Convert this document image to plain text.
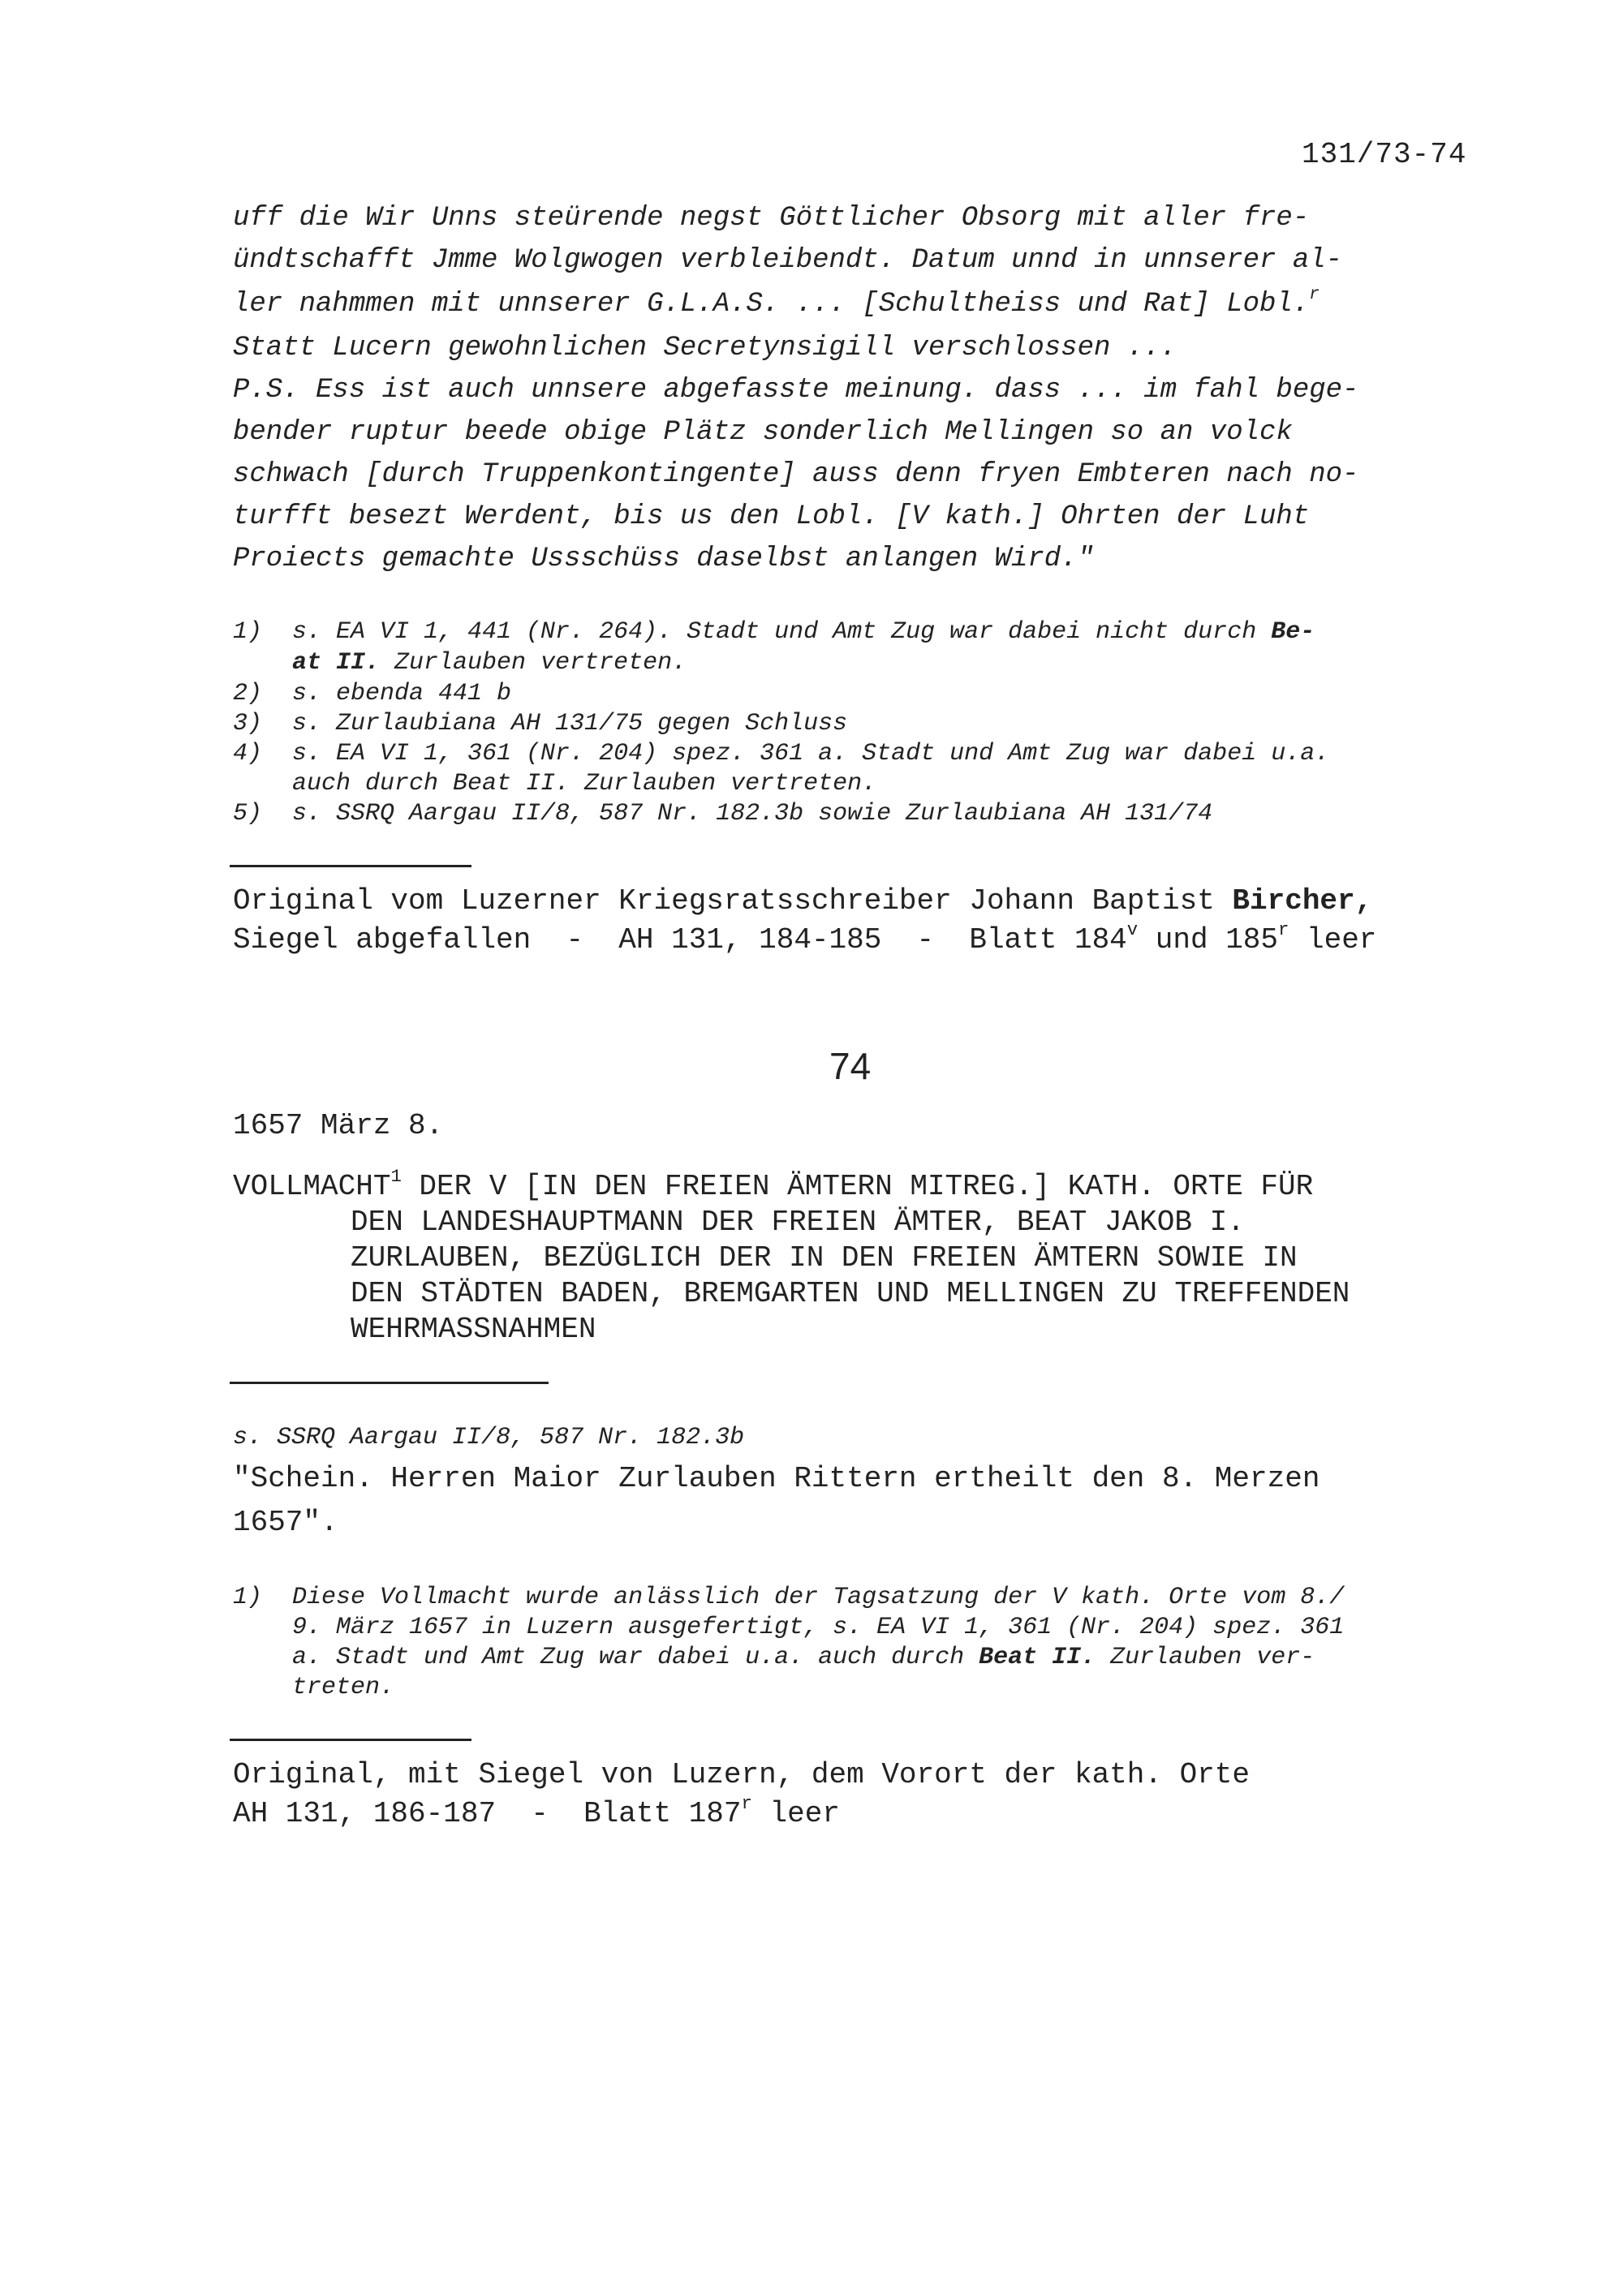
131/73-74
uff die Wir Unns steürende negst Göttlicher Obsorg mit aller fre-
ündtschafft Jmme Wolgwogen verbleibendt. Datum unnd in unnserer al-
ler nahmmen mit unnserer G.L.A.S. ... [Schultheiss und Rat] Lobl.$^r$
Statt Lucern gewohnlichen Secretynsigill verschlossen ...
P.S. Ess ist auch unnsere abgefasste meinung. dass ... im fahl bege-
bender ruptur beede obige Plätz sonderlich Mellingen so an volck
schwach [durch Truppenkontingente] auss denn fryen Embteren nach no-
turfft besezt Werdent, bis us den Lobl. [V kath.] Ohrten der Luht
Proiects gemachte Ussschüss daselbst anlangen Wird."
1) s. EA VI 1, 441 (Nr. 264). Stadt und Amt Zug war dabei nicht durch Be-
at II. Zurlauben vertreten.
2) s. ebenda 441 b
3) s. Zurlaubiana AH 131/75 gegen Schluss
4) s. EA VI 1, 361 (Nr. 204) spez. 361 a. Stadt und Amt Zug war dabei u.a.
auch durch Beat II. Zurlauben vertreten.
5) s. SSRQ Aargau II/8, 587 Nr. 182.3b sowie Zurlaubiana AH 131/74
Original vom Luzerner Kriegsratsschreiber Johann Baptist Bircher,
Siegel abgefallen  -  AH 131, 184-185  -  Blatt 184$^v$ und 185$^r$ leer
74
1657 März 8.
VOLLMACHT$^1$ DER V [IN DEN FREIEN ÄMTERN MITREG.] KATH. ORTE FÜR
DEN LANDESHAUPTMANN DER FREIEN ÄMTER, BEAT JAKOB I.
ZURLAUBEN, BEZÜGLICH DER IN DEN FREIEN ÄMTERN SOWIE IN
DEN STÄDTEN BADEN, BREMGARTEN UND MELLINGEN ZU TREFFENDEN
WEHRMASSNAHMEN
s. SSRQ Aargau II/8, 587 Nr. 182.3b
"Schein. Herren Maior Zurlauben Rittern ertheilt den 8. Merzen
1657".
1) Diese Vollmacht wurde anlässlich der Tagsatzung der V kath. Orte vom 8./
9. März 1657 in Luzern ausgefertigt, s. EA VI 1, 361 (Nr. 204) spez. 361
a. Stadt und Amt Zug war dabei u.a. auch durch Beat II. Zurlauben ver-
treten.
Original, mit Siegel von Luzern, dem Vorort der kath. Orte
AH 131, 186-187  -  Blatt 187$^r$ leer
